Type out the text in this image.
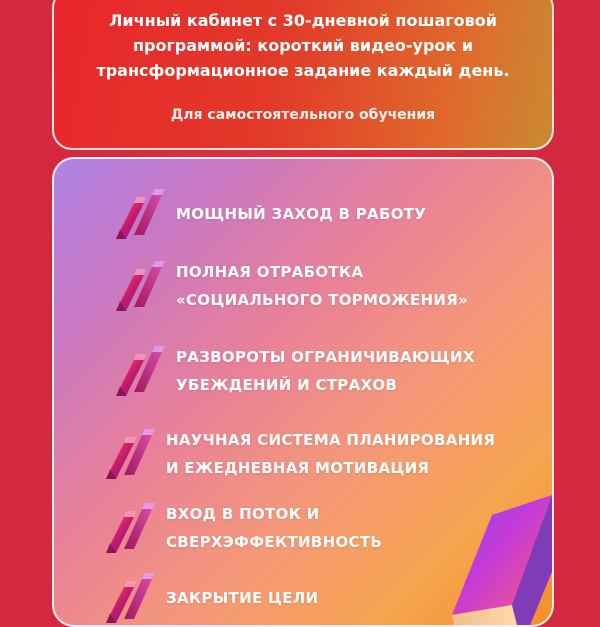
Личный кабинет с 30-дневной пошаговой
программой: короткий видео-урок и
трансформационное задание каждый день.
Для самостоятельного обучения
МОЩНЫЙ ЗАХОД В РАБОТУ
ПОЛНАЯ ОТРАБОТКА
«СОЦИАЛЬНОГО ТОРМОЖЕНИЯ»
РАЗВОРОТЫ ОГРАНИЧИВАЮЩИХ
УБЕЖДЕНИЙ И СТРАХОВ
НАУЧНАЯ СИСТЕМА ПЛАНИРОВАНИЯ
И ЕЖЕДНЕВНАЯ МОТИВАЦИЯ
ВХОД В ПОТОК И
СВЕРХЭФФЕКТИВНОСТЬ
ЗАКРЫТИЕ ЦЕЛИ
